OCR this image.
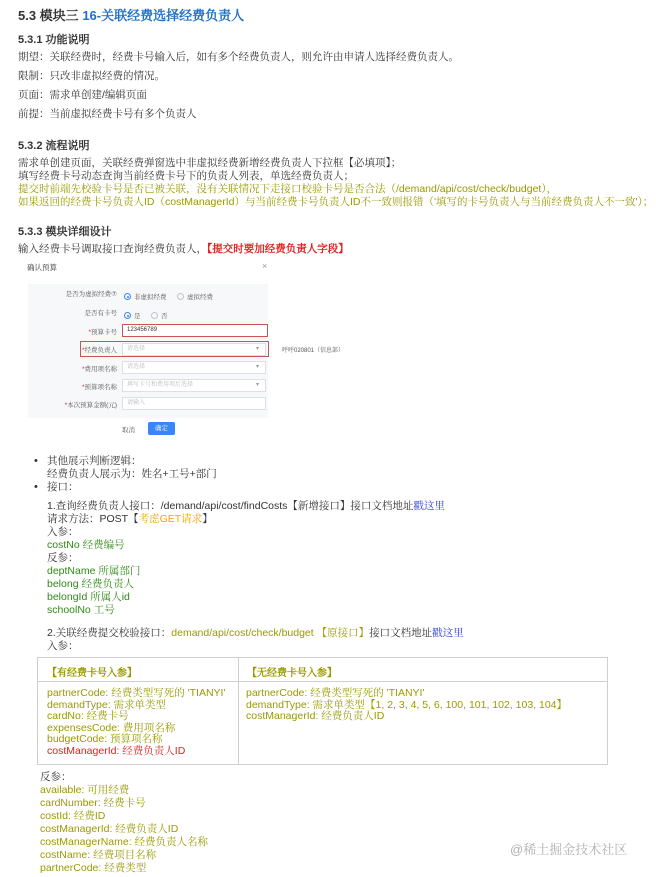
5.3 模块三 16-关联经费选择经费负责人
5.3.1 功能说明
期望：关联经费时，经费卡号输入后，如有多个经费负责人，则允许由申请人选择经费负责人。
限制：只改非虚拟经费的情况。
页面：需求单创建/编辑页面
前提：当前虚拟经费卡号有多个负责人
5.3.2 流程说明
需求单创建页面，关联经费弹窗选中非虚拟经费新增经费负责人下拉框【必填项】；
填写经费卡号动态查询当前经费卡号下的负责人列表，单选经费负责人；
提交时前端先校验卡号是否已被关联，没有关联情况下走接口校验卡号是否合法（/demand/api/cost/check/budget），
如果返回的经费卡号负责人ID（costManagerId）与当前经费卡号负责人ID不一致则报错（'填写的卡号负责人与当前经费负责人不一致'）；
5.3.3 模块详细设计
输入经费卡号调取接口查询经费负责人，【提交时要加经费负责人字段】
确认预算	×
是否为虚拟经费⑦	非虚拟经费	虚拟经费
是否有卡号	是	否
*预算卡号	123456789
*经费负责人	请选择	▾
*费用项名称	请选择	▾
*预算项名称	填写卡号和费用项后选择	▾
*本次预算金额(元)	请输入
取消	确定
呼呼020801（信息部）
• 其他展示判断逻辑：
经费负责人展示为：姓名+工号+部门
• 接口：
1.查询经费负责人接口：/demand/api/cost/findCosts【新增接口】接口文档地址戳这里
请求方法：POST【考虑GET请求】
入参：
costNo 经费编号
反参：
deptName 所属部门
belong 经费负责人
belongId 所属人id
schoolNo 工号
2.关联经费提交校验接口：demand/api/cost/check/budget 【原接口】接口文档地址戳这里
入参：
【有经费卡号入参】	【无经费卡号入参】
partnerCode: 经费类型写死的 'TIANYI'
demandType: 需求单类型
cardNo: 经费卡号
expensesCode: 费用项名称
budgetCode: 预算项名称
costManagerId: 经费负责人ID
partnerCode: 经费类型写死的 'TIANYI'
demandType: 需求单类型【1, 2, 3, 4, 5, 6, 100, 101, 102, 103, 104】
costManagerId: 经费负责人ID
反参：
available: 可用经费
cardNumber: 经费卡号
costId: 经费ID
costManagerId: 经费负责人ID
costManagerName: 经费负责人名称
costName: 经费项目名称
partnerCode: 经费类型
@稀土掘金技术社区
